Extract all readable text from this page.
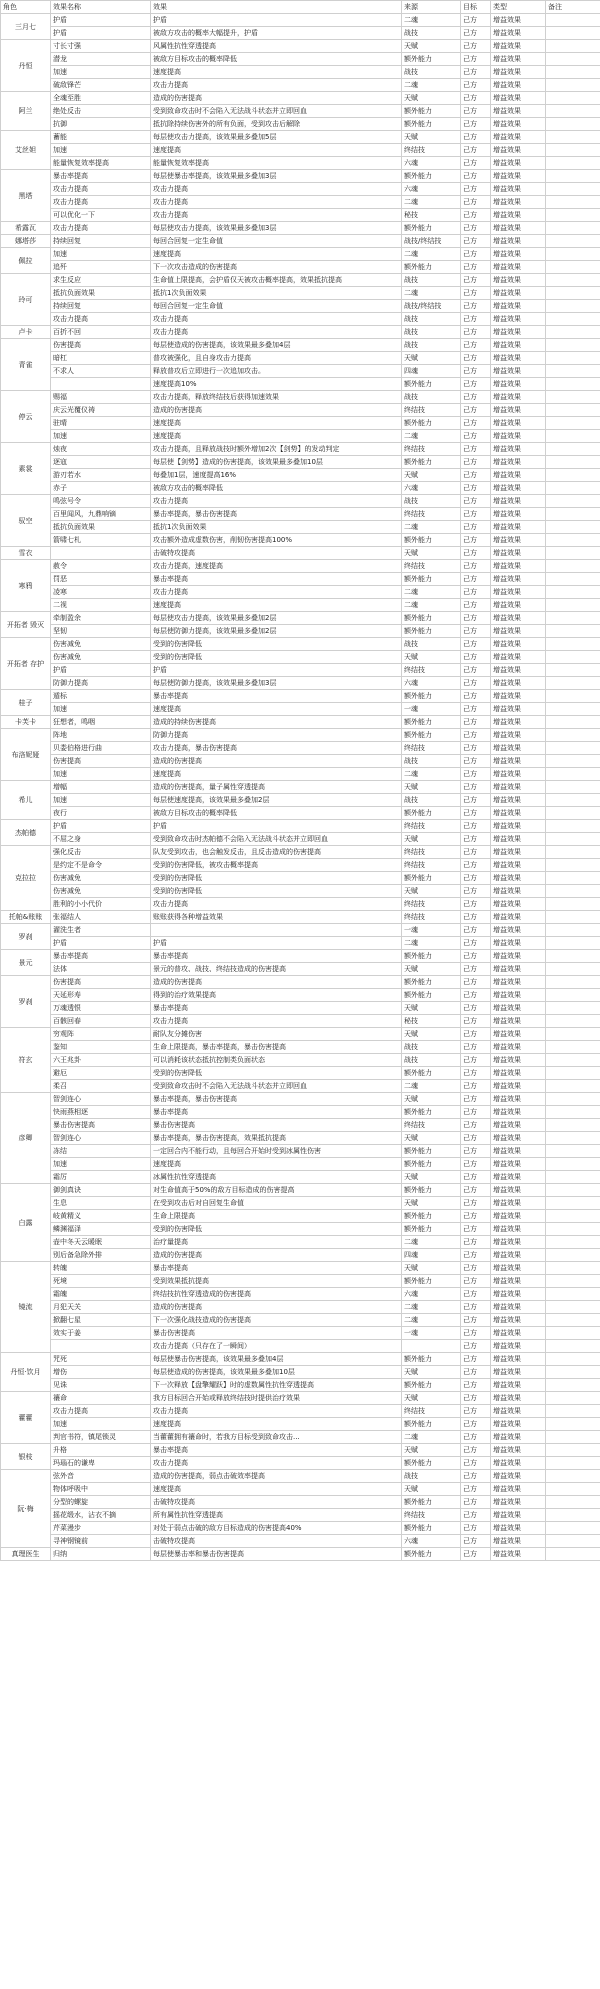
角色	效果名称	效果	来源	目标	类型	备注
三月七	护盾	护盾	二魂	己方	增益效果	
	护盾	被敌方攻击的概率大幅提升，护盾	战技	己方	增益效果	
丹恒	寸长寸强	风属性抗性穿透提高	天赋	己方	增益效果	
	潜龙	被敌方目标攻击的概率降低	额外能力	己方	增益效果	
	加速	速度提高	战技	己方	增益效果	
	破敌锋芒	攻击力提高	二魂	己方	增益效果	
阿兰	全魂至胜	造成的伤害提高	天赋	己方	增益效果	
	绝处反击	受到致命攻击时不会陷入无法战斗状态并立即回血	额外能力	己方	增益效果	
	抗御	抵抗除持续伤害外的所有负面，受到攻击后解除	额外能力	己方	增益效果	
艾丝妲	蓄能	每层使攻击力提高，该效果最多叠加5层	天赋	己方	增益效果	
	加速	速度提高	终结技	己方	增益效果	
	能量恢复效率提高	能量恢复效率提高	六魂	己方	增益效果	
黑塔	暴击率提高	每层使暴击率提高，该效果最多叠加3层	额外能力	己方	增益效果	
	攻击力提高	攻击力提高	六魂	己方	增益效果	
	攻击力提高	攻击力提高	二魂	己方	增益效果	
	可以优化一下	攻击力提高	秘技	己方	增益效果	
希露瓦	攻击力提高	每层使攻击力提高，该效果最多叠加3层	额外能力	己方	增益效果	
娜塔莎	持续回复	每回合回复一定生命值	战技/终结技	己方	增益效果	
佩拉	加速	速度提高	二魂	己方	增益效果	
	追歼	下一次攻击造成的伤害提高	额外能力	己方	增益效果	
玲可	求生反应	生命值上限提高，会护盾仅天被攻击概率提高，效果抵抗提高	战技	己方	增益效果	
	抵抗负面效果	抵抗1次负面效果	二魂	己方	增益效果	
	持续回复	每回合回复一定生命值	战技/终结技	己方	增益效果	
	攻击力提高	攻击力提高	战技	己方	增益效果	
卢卡	百折不回	攻击力提高	战技	己方	增益效果	
青雀	伤害提高	每层使造成的伤害提高，该效果最多叠加4层	战技	己方	增益效果	
	暗杠	普攻被强化，且自身攻击力提高	天赋	己方	增益效果	
	不求人	释放普攻后立即进行一次追加攻击。	四魂	己方	增益效果	
		速度提高10%	额外能力	己方	增益效果	
停云	赐福	攻击力提高，释放终结技后获得加速效果	战技	己方	增益效果	
	庆云光覆仪祷	造成的伤害提高	终结技	己方	增益效果	
	驻晴	速度提高	额外能力	己方	增益效果	
	加速	速度提高	二魂	己方	增益效果	
素裳	烛夜	攻击力提高，且释放战技时额外增加2次【剑势】的发动判定	终结技	己方	增益效果	
	逐寇	每层使【剑势】造成的伤害提高，该效果最多叠加10层	额外能力	己方	增益效果	
	游刃若水	每叠加1层，速度提高16%	天赋	己方	增益效果	
	赤子	被敌方攻击的概率降低	六魂	己方	增益效果	
驭空	鸣弦号令	攻击力提高	战技	己方	增益效果	
	百里闻风，九鼎响镝	暴击率提高，暴击伤害提高	终结技	己方	增益效果	
	抵抗负面效果	抵抗1次负面效果	二魂	己方	增益效果	
	箭啸七札	攻击额外造成虚数伤害，削韧伤害提高100%	额外能力	己方	增益效果	
雪衣		击破特攻提高	天赋	己方	增益效果	
寒鸦	赦令	攻击力提高，速度提高	终结技	己方	增益效果	
	罚恶	暴击率提高	额外能力	己方	增益效果	
	凌寒	攻击力提高	二魂	己方	增益效果	
	二视	速度提高	二魂	己方	增益效果	
开拓者 毁灭	牵制盈余	每层使攻击力提高，该效果最多叠加2层	额外能力	己方	增益效果	
	坚韧	每层使防御力提高，该效果最多叠加2层	额外能力	己方	增益效果	
开拓者 存护	伤害减免	受到的伤害降低	战技	己方	增益效果	
	伤害减免	受到的伤害降低	天赋	己方	增益效果	
	护盾	护盾	终结技	己方	增益效果	
	防御力提高	每层使防御力提高，该效果最多叠加3层	六魂	己方	增益效果	
桂子	遁标	暴击率提高	额外能力	己方	增益效果	
	加速	速度提高	一魂	己方	增益效果	
卡芙卡	狂想者，鸣咽	造成的持续伤害提高	额外能力	己方	增益效果	
布洛妮娅	阵地	防御力提高	额外能力	己方	增益效果	
	贝娄伯格进行曲	攻击力提高，暴击伤害提高	终结技	己方	增益效果	
	伤害提高	造成的伤害提高	战技	己方	增益效果	
	加速	速度提高	二魂	己方	增益效果	
希儿	增幅	造成的伤害提高，量子属性穿透提高	天赋	己方	增益效果	
	加速	每层使速度提高，该效果最多叠加2层	战技	己方	增益效果	
	夜行	被敌方目标攻击的概率降低	额外能力	己方	增益效果	
杰帕德	护盾	护盾	终结技	己方	增益效果	
	不屈之身	受到致命攻击时杰帕德不会陷入无法战斗状态并立即回血	天赋	己方	增益效果	
克拉拉	强化反击	队友受到攻击，也会触发反击，且反击造成的伤害提高	终结技	己方	增益效果	
	是约定不是命令	受到的伤害降低，被攻击概率提高	终结技	己方	增益效果	
	伤害减免	受到的伤害降低	额外能力	己方	增益效果	
	伤害减免	受到的伤害降低	天赋	己方	增益效果	
	胜利的小小代价	攻击力提高	终结技	己方	增益效果	
托帕&账账	张福结人	账账获得各种增益效果	终结技	己方	增益效果	
罗刹	濯洗生者		一魂	己方	增益效果	
	护盾	护盾	二魂	己方	增益效果	
景元	暴击率提高	暴击率提高	额外能力	己方	增益效果	
	法体	景元的普攻、战技、终结技造成的伤害提高	天赋	己方	增益效果	
罗刹	伤害提高	造成的伤害提高	额外能力	己方	增益效果	
	天延形寿	得到的治疗效果提高	额外能力	己方	增益效果	
	万魂透恨	暴击率提高	天赋	己方	增益效果	
	百骸回春	攻击力提高	秘技	己方	增益效果	
符玄	穷观阵	耐队友分摊伤害	天赋	己方	增益效果	
	鉴知	生命上限提高，暴击率提高，暴击伤害提高	战技	己方	增益效果	
	六王兆卦	可以消耗该状态抵抗控制类负面状态	战技	己方	增益效果	
	避厄	受到的伤害降低	额外能力	己方	增益效果	
	柔召	受到致命攻击时不会陷入无法战斗状态并立即回血	二魂	己方	增益效果	
彦卿	智剑连心	暴击率提高，暴击伤害提高	天赋	己方	增益效果	
	快雨燕相逐	暴击率提高	额外能力	己方	增益效果	
	暴击伤害提高	暴击伤害提高	终结技	己方	增益效果	
	智剑连心	暴击率提高，暴击伤害提高，效果抵抗提高	天赋	己方	增益效果	
	冻结	一定回合内不能行动，且每回合开始时受到冰属性伤害	额外能力	己方	增益效果	
	加速	速度提高	额外能力	己方	增益效果	
	霜厉	冰属性抗性穿透提高	天赋	己方	增益效果	
白露	御剑真诀	对生命值高于50%的敌方目标造成的伤害提高	额外能力	己方	增益效果	
	生息	在受到攻击后对自回复生命值	天赋	己方	增益效果	
	岐黄精义	生命上限提高	额外能力	己方	增益效果	
	鳞渊福泽	受到的伤害降低	额外能力	己方	增益效果	
	壶中冬天云暖眠	治疗量提高	二魂	己方	增益效果	
	别后备急除外排	造成的伤害提高	四魂	己方	增益效果	
镜流	转魄	暴击率提高	天赋	己方	增益效果	
	死境	受到效果抵抗提高	额外能力	己方	增益效果	
	霜魄	终结技抗性穿透造成的伤害提高	六魂	己方	增益效果	
	月犯天关	造成的伤害提高	二魂	己方	增益效果	
	掀翻七星	下一次强化战技造成的伤害提高	二魂	己方	增益效果	
	效实于姜	暴击伤害提高	一魂	己方	增益效果	
		攻击力提高（只存在了一瞬间）		己方	增益效果	
丹恒·饮月	咒死	每层使暴击伤害提高，该效果最多叠加4层	额外能力	己方	增益效果	
	增伤	每层使造成的伤害提高，该效果最多叠加10层	天赋	己方	增益效果	
	见诛	下一次释放【盘擎耀跃】时的虚数属性抗性穿透提高	额外能力	己方	增益效果	
藿藿	禳命	我方目标回合开始或释放终结技时提供治疗效果	天赋	己方	增益效果	
	攻击力提高	攻击力提高	终结技	己方	增益效果	
	加速	速度提高	额外能力	己方	增益效果	
	判官书符，镇尾锁灵	当藿藿拥有禳命时，若我方目标受到致命攻击...	二魂	己方	增益效果	
银枝	升格	暴击率提高	天赋	己方	增益效果	
	玛瑙石的谦卑	攻击力提高	额外能力	己方	增益效果	
阮·梅	弦外音	造成的伤害提高，弱点击破效率提高	战技	己方	增益效果	
	物体呼吸中	速度提高	天赋	己方	增益效果	
	分型的螺旋	击破特攻提高	额外能力	己方	增益效果	
	摇花缎水，沾衣不摘	所有属性抗性穿透提高	终结技	己方	增益效果	
	芹菜漫步	对处于弱点击破的敌方目标造成的伤害提高40%	额外能力	己方	增益效果	
	寻神钢镜前	击破特攻提高	六魂	己方	增益效果	
真理医生	归纳	每层使暴击率和暴击伤害提高	额外能力	己方	增益效果	
